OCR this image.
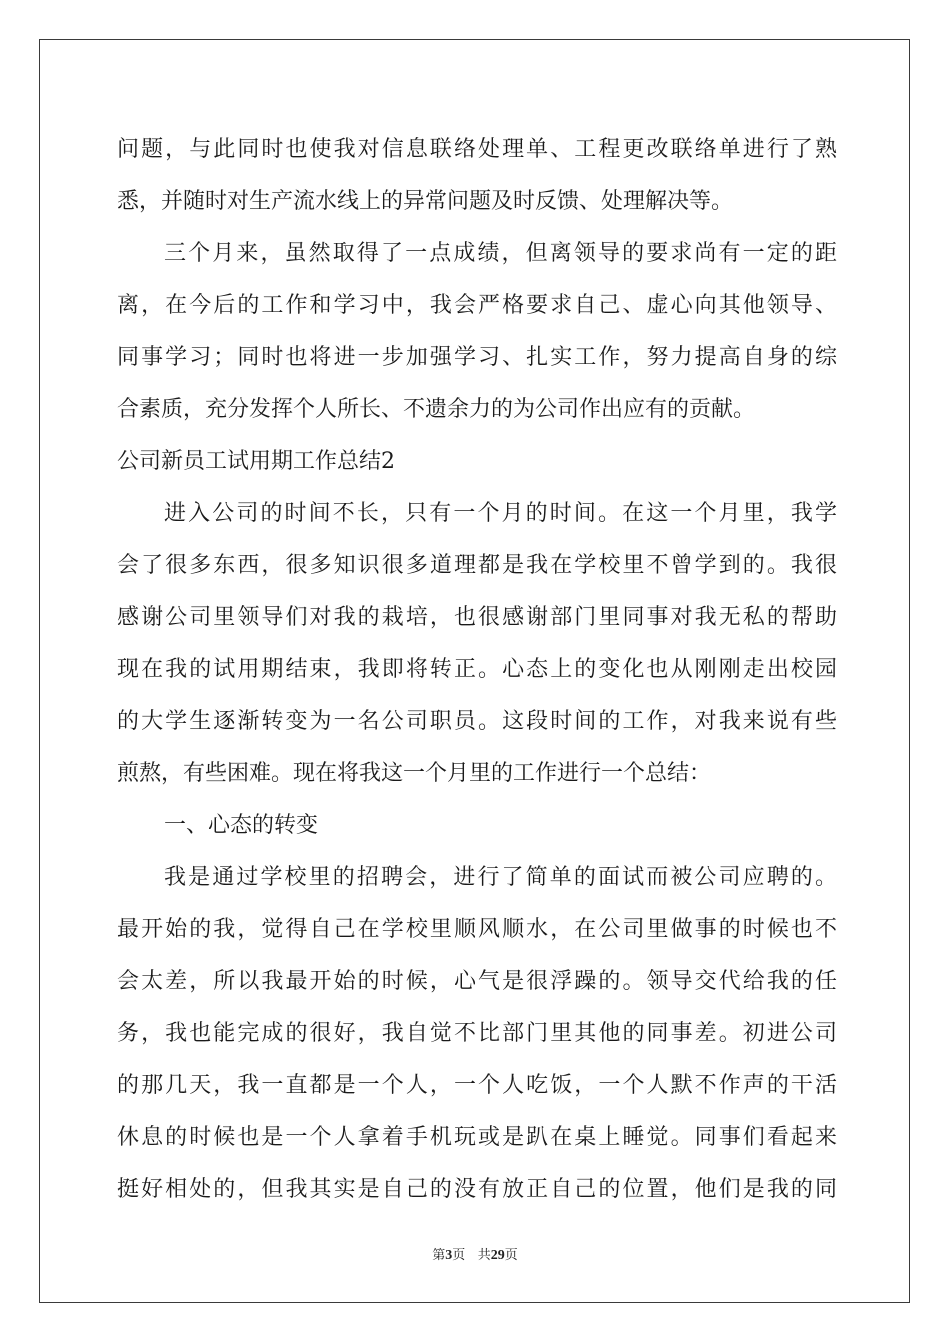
问题，与此同时也使我对信息联络处理单、工程更改联络单进行了熟
悉，并随时对生产流水线上的异常问题及时反馈、处理解决等。
三个月来，虽然取得了一点成绩，但离领导的要求尚有一定的距
离，在今后的工作和学习中，我会严格要求自己、虚心向其他领导、
同事学习；同时也将进一步加强学习、扎实工作，努力提高自身的综
合素质，充分发挥个人所长、不遗余力的为公司作出应有的贡献。
公司新员工试用期工作总结2
进入公司的时间不长，只有一个月的时间。在这一个月里，我学
会了很多东西，很多知识很多道理都是我在学校里不曾学到的。我很
感谢公司里领导们对我的栽培，也很感谢部门里同事对我无私的帮助
现在我的试用期结束，我即将转正。心态上的变化也从刚刚走出校园
的大学生逐渐转变为一名公司职员。这段时间的工作，对我来说有些
煎熬，有些困难。现在将我这一个月里的工作进行一个总结：
一、心态的转变
我是通过学校里的招聘会，进行了简单的面试而被公司应聘的。
最开始的我，觉得自己在学校里顺风顺水，在公司里做事的时候也不
会太差，所以我最开始的时候，心气是很浮躁的。领导交代给我的任
务，我也能完成的很好，我自觉不比部门里其他的同事差。初进公司
的那几天，我一直都是一个人，一个人吃饭，一个人默不作声的干活
休息的时候也是一个人拿着手机玩或是趴在桌上睡觉。同事们看起来
挺好相处的，但我其实是自己的没有放正自己的位置，他们是我的同
第3页 共29页
